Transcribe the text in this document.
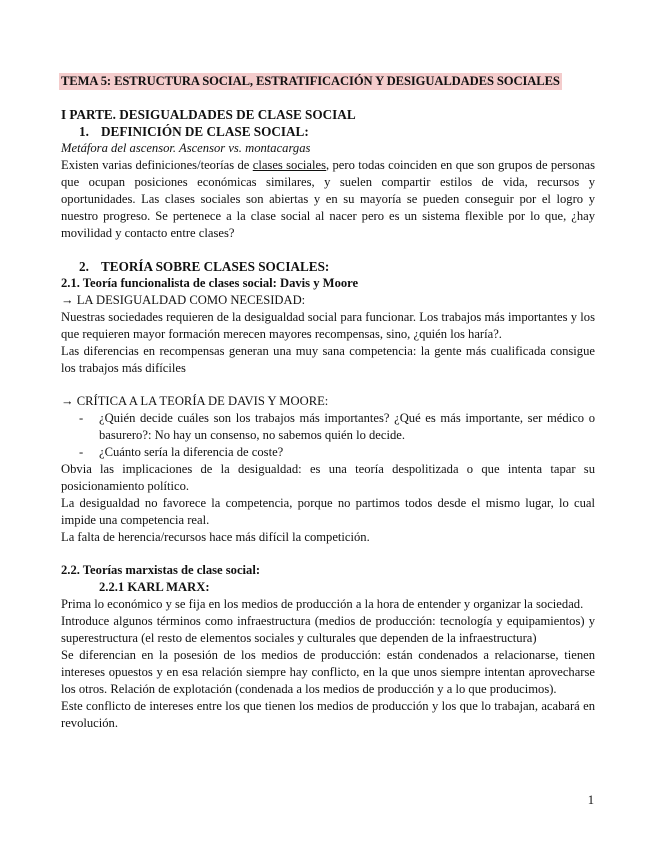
TEMA 5: ESTRUCTURA SOCIAL, ESTRATIFICACIÓN Y DESIGUALDADES SOCIALES
I PARTE. DESIGUALDADES DE CLASE SOCIAL
1. DEFINICIÓN DE CLASE SOCIAL:
Metáfora del ascensor. Ascensor vs. montacargas

Existen varias definiciones/teorías de clases sociales, pero todas coinciden en que son grupos de personas que ocupan posiciones económicas similares, y suelen compartir estilos de vida, recursos y oportunidades. Las clases sociales son abiertas y en su mayoría se pueden conseguir por el logro y nuestro progreso. Se pertenece a la clase social al nacer pero es un sistema flexible por lo que, ¿hay movilidad y contacto entre clases?

2. TEORÍA SOBRE CLASES SOCIALES:
2.1. Teoría funcionalista de clases social: Davis y Moore
→ LA DESIGUALDAD COMO NECESIDAD:

Nuestras sociedades requieren de la desigualdad social para funcionar. Los trabajos más importantes y los que requieren mayor formación merecen mayores recompensas, sino, ¿quién los haría?.

Las diferencias en recompensas generan una muy sana competencia: la gente más cualificada consigue los trabajos más difíciles

→ CRÍTICA A LA TEORÍA DE DAVIS Y MOORE:
- ¿Quién decide cuáles son los trabajos más importantes? ¿Qué es más importante, ser médico o basurero?: No hay un consenso, no sabemos quién lo decide.
- ¿Cuánto sería la diferencia de coste?

Obvia las implicaciones de la desigualdad: es una teoría despolitizada o que intenta tapar su posicionamiento político.

La desigualdad no favorece la competencia, porque no partimos todos desde el mismo lugar, lo cual impide una competencia real.

La falta de herencia/recursos hace más difícil la competición.

2.2. Teorías marxistas de clase social:
2.2.1 KARL MARX:

Prima lo económico y se fija en los medios de producción a la hora de entender y organizar la sociedad.

Introduce algunos términos como infraestructura (medios de producción: tecnología y equipamientos) y superestructura (el resto de elementos sociales y culturales que dependen de la infraestructura)

Se diferencian en la posesión de los medios de producción: están condenados a relacionarse, tienen intereses opuestos y en esa relación siempre hay conflicto, en la que unos siempre intentan aprovecharse los otros. Relación de explotación (condenada a los medios de producción y a lo que producimos).

Este conflicto de intereses entre los que tienen los medios de producción y los que lo trabajan, acabará en revolución.

1
